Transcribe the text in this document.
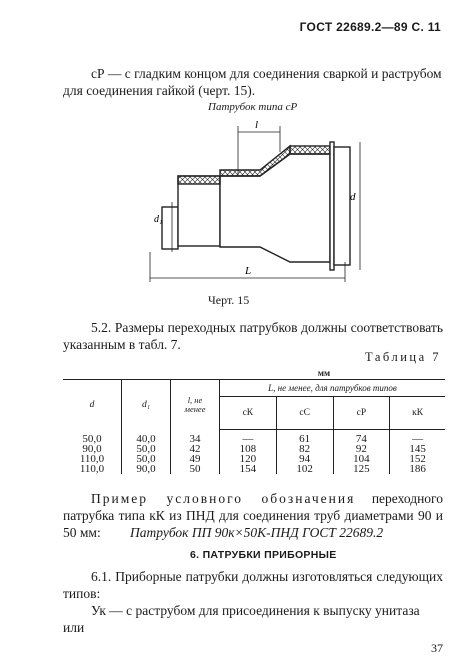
ГОСТ 22689.2—89 С. 11
сР — с гладким концом для соединения сваркой и раструбом для соединения гайкой (черт. 15).
Патрубок типа сР
l
L
d
d₁
Черт. 15
5.2. Размеры переходных патрубков должны соответствовать указанным в табл. 7.
Таблица 7
мм						
d	d₁	l, не
менее	L, не менее, для патрубков типов			
			сК	сС	сР	кК
50,0	40,0	34	—	61	74	—
90,0	50,0	42	108	82	92	145
110,0	50,0	49	120	94	104	152
110,0	90,0	50	154	102	125	186
Пример условного обозначения переходного патрубка типа кК из ПНД для соединения труб диаметрами 90 и 50 мм:	Патрубок ПП 90к×50К-ПНД ГОСТ 22689.2
6. ПАТРУБКИ ПРИБОРНЫЕ
6.1. Приборные патрубки должны изготовляться следующих типов:
Ук — с раструбом для присоединения к выпуску унитаза или
37
